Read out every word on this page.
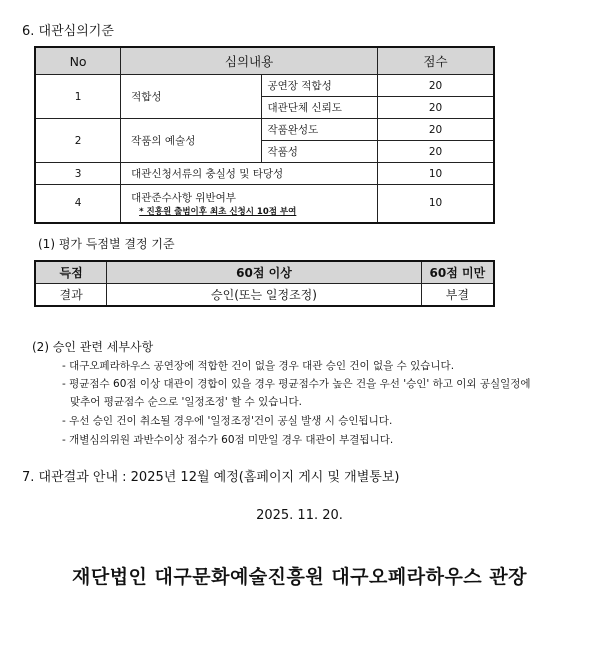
6. 대관심의기준
No	심의내용		점수
1	적합성	공연장 적합성	20
		대관단체 신뢰도	20
2	작품의 예술성	작품완성도	20
		작품성	20
3	대관신청서류의 충실성 및 타당성		10
4	대관준수사항 위반여부
* 진흥원 출범이후 최초 신청시 10점 부여		10
(1) 평가 득점별 결정 기준
득점	60점 이상	60점 미만
결과	승인(또는 일정조정)	부결
(2) 승인 관련 세부사항
- 대구오페라하우스 공연장에 적합한 건이 없을 경우 대관 승인 건이 없을 수 있습니다.
- 평균점수 60점 이상 대관이 경합이 있을 경우 평균점수가 높은 건을 우선 '승인' 하고 이외 공실일정에
맞추어 평균점수 순으로 '일정조정' 할 수 있습니다.
- 우선 승인 건이 취소될 경우에 '일정조정'건이 공실 발생 시 승인됩니다.
- 개별심의위원 과반수이상 점수가 60점 미만일 경우 대관이 부결됩니다.
7. 대관결과 안내 : 2025년 12월 예정(홈페이지 게시 및 개별통보)
2025. 11. 20.
재단법인 대구문화예술진흥원 대구오페라하우스 관장
